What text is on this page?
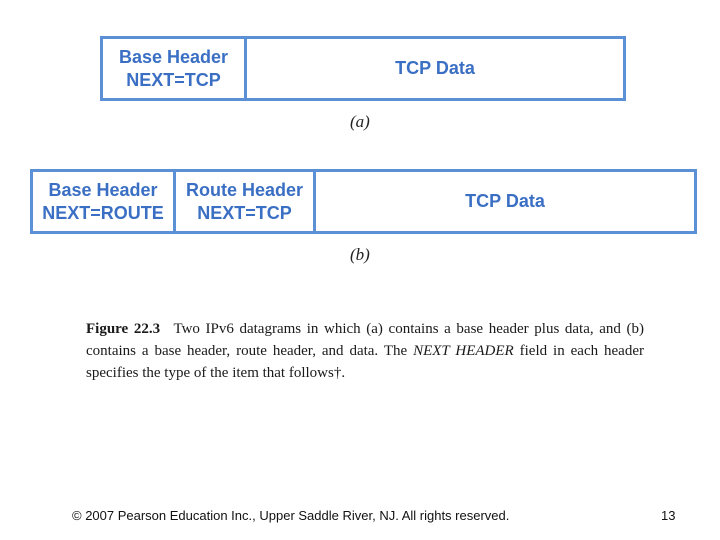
Base Header
NEXT=TCP
TCP Data
(a)
Base Header
NEXT=ROUTE
Route Header
NEXT=TCP
TCP Data
(b)
Figure 22.3 Two IPv6 datagrams in which (a) contains a base header plus data, and (b) contains a base header, route header, and data. The NEXT HEADER field in each header specifies the type of the item that follows†.
© 2007 Pearson Education Inc., Upper Saddle River, NJ. All rights reserved.	13
